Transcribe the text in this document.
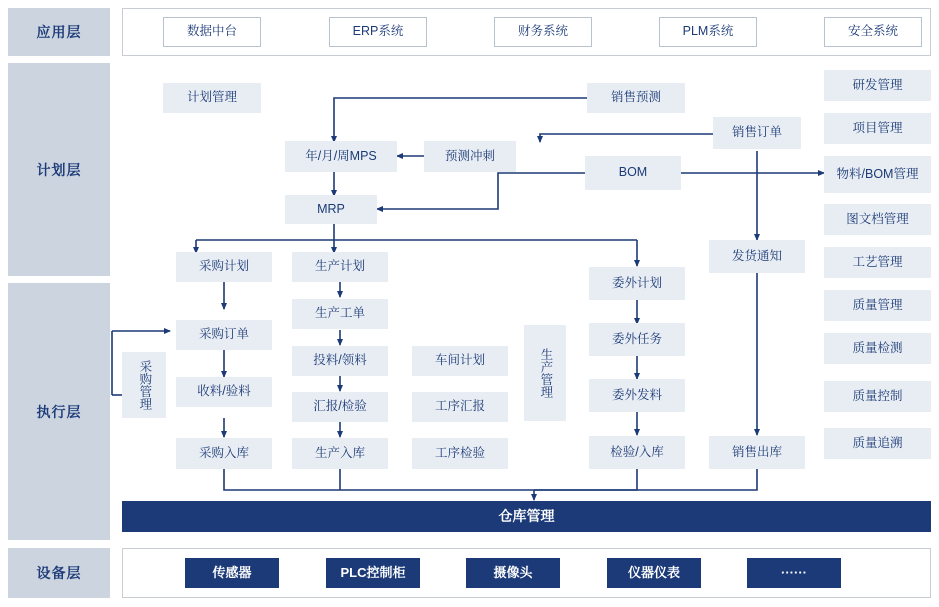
应用层
计划层
执行层
设备层
数据中台	ERP系统	财务系统	PLM系统	安全系统
计划管理	销售预测
销售订单
年/月/周MPS	预测冲刺
BOM
MRP
采购计划
采购订单
收料/验料
采购入库
采购管理
生产计划
生产工单
投料/领料
汇报/检验
生产入库
车间计划
工序汇报
工序检验
生产管理
委外计划
委外任务
委外发料
检验/入库
发货通知
销售出库
仓库管理
研发管理
项目管理
物料/BOM管理
图文档管理
工艺管理
质量管理
质量检测
质量控制
质量追溯
传感器	PLC控制柜	摄像头	仪器仪表	······
